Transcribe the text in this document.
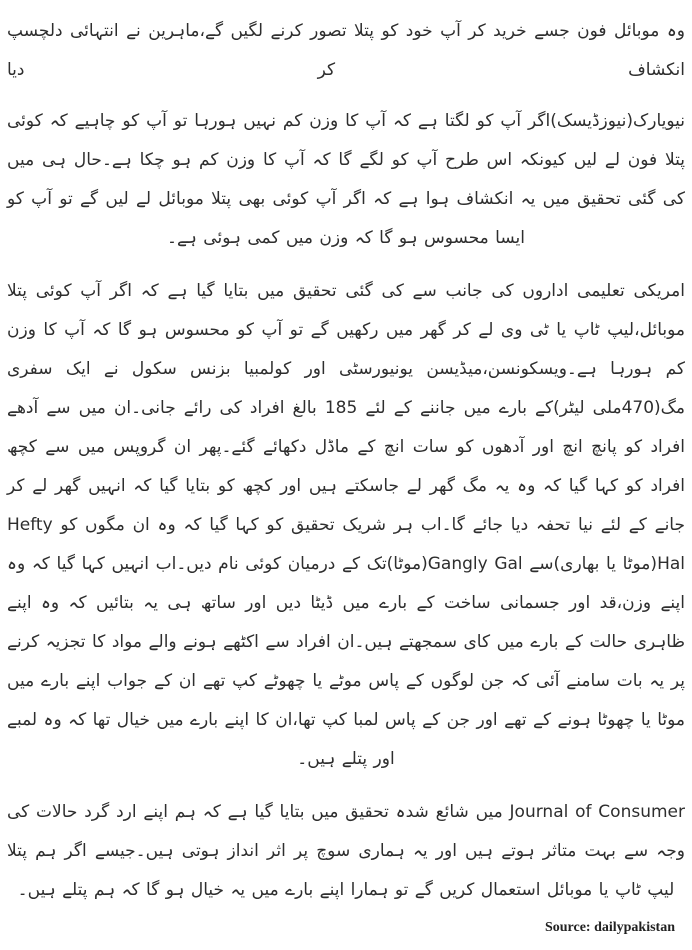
وہ موبائل فون جسے خرید کر آپ خود کو پتلا تصور کرنے لگیں گے،ماہرین نے انتہائی دلچسپ انکشاف کر دیا

نیویارک(نیوزڈیسک)اگر آپ کو لگتا ہے کہ آپ کا وزن کم نہیں ہورہا تو آپ کو چاہیے کہ کوئی پتلا فون لے لیں کیونکہ اس طرح آپ کو لگے گا کہ آپ کا وزن کم ہو چکا ہے۔حال ہی میں کی گئی تحقیق میں یہ انکشاف ہوا ہے کہ اگر آپ کوئی بھی پتلا موبائل لے لیں گے تو آپ کو ایسا محسوس ہو گا کہ وزن میں کمی ہوئی ہے۔

امریکی تعلیمی اداروں کی جانب سے کی گئی تحقیق میں بتایا گیا ہے کہ اگر آپ کوئی پتلا موبائل،لیپ ٹاپ یا ٹی وی لے کر گھر میں رکھیں گے تو آپ کو محسوس ہو گا کہ آپ کا وزن کم ہورہا ہے۔ویسکونسن،میڈیسن یونیورسٹی اور کولمبیا بزنس سکول نے ایک سفری مگ(470ملی لیٹر)کے بارے میں جاننے کے لئے 185 بالغ افراد کی رائے جانی۔ان میں سے آدھے افراد کو پانچ انچ اور آدھوں کو سات انچ کے ماڈل دکھائے گئے۔پھر ان گروپس میں سے کچھ افراد کو کہا گیا کہ وہ یہ مگ گھر لے جاسکتے ہیں اور کچھ کو بتایا گیا کہ انہیں گھر لے کر جانے کے لئے نیا تحفہ دیا جائے گا۔اب ہر شریک تحقیق کو کہا گیا کہ وہ ان مگوں کو Hefty Hal(موٹا یا بھاری)سے Gangly Gal(موٹا)تک کے درمیان کوئی نام دیں۔اب انہیں کہا گیا کہ وہ اپنے وزن،قد اور جسمانی ساخت کے بارے میں ڈیٹا دیں اور ساتھ ہی یہ بتائیں کہ وہ اپنے ظاہری حالت کے بارے میں کای سمجھتے ہیں۔ان افراد سے اکٹھے ہونے والے مواد کا تجزیہ کرنے پر یہ بات سامنے آئی کہ جن لوگوں کے پاس موٹے یا چھوٹے کپ تھے ان کے جواب اپنے بارے میں موٹا یا چھوٹا ہونے کے تھے اور جن کے پاس لمبا کپ تھا،ان کا اپنے بارے میں خیال تھا کہ وہ لمبے اور پتلے ہیں۔

Journal of Consumer میں شائع شدہ تحقیق میں بتایا گیا ہے کہ ہم اپنے ارد گرد حالات کی وجہ سے بہت متاثر ہوتے ہیں اور یہ ہماری سوچ پر اثر انداز ہوتی ہیں۔جیسے اگر ہم پتلا لیپ ٹاپ یا موبائل استعمال کریں گے تو ہمارا اپنے بارے میں یہ خیال ہو گا کہ ہم پتلے ہیں۔

Source: dailypakistan
